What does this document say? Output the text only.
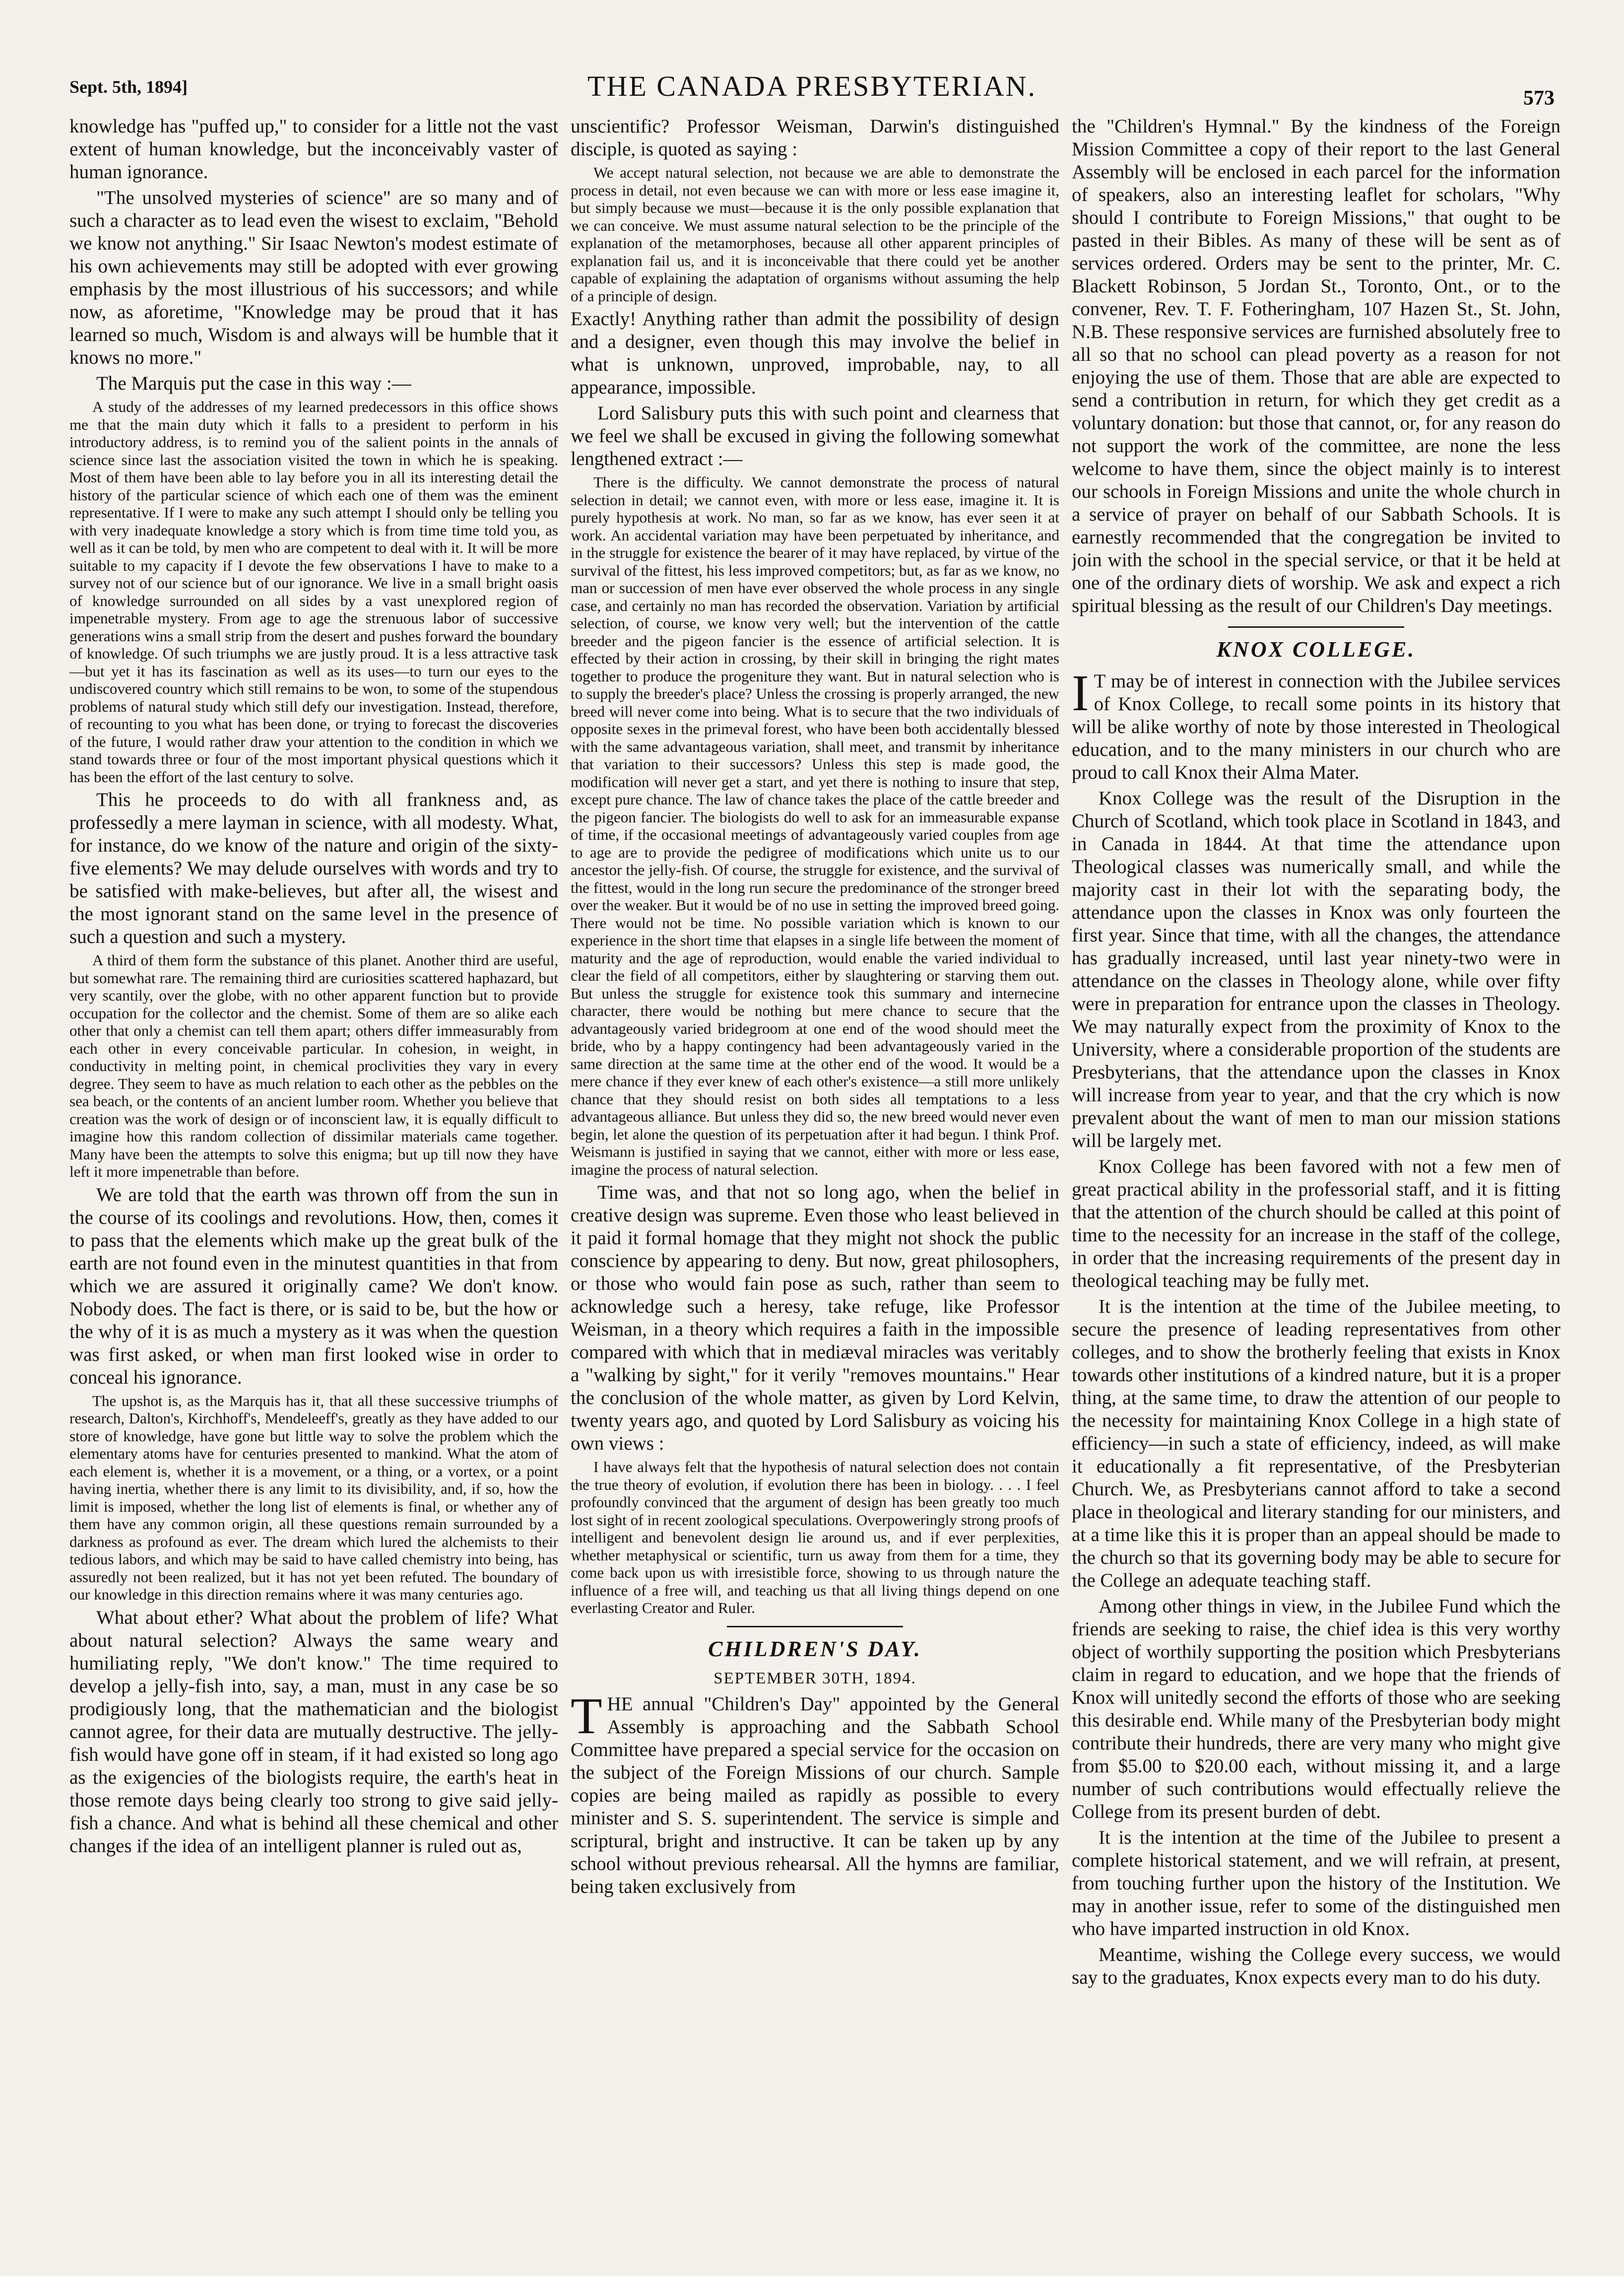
Sept. 5th, 1894]	THE CANADA PRESBYTERIAN.	573

knowledge has "puffed up," to consider for a little not the vast extent of human knowledge, but the inconceivably vaster of human ignorance.

"The unsolved mysteries of science" are so many and of such a character as to lead even the wisest to exclaim, "Behold we know not anything." Sir Isaac Newton's modest estimate of his own achievements may still be adopted with ever growing emphasis by the most illustrious of his successors; and while now, as aforetime, "Knowledge may be proud that it has learned so much, Wisdom is and always will be humble that it knows no more."

The Marquis put the case in this way :—

A study of the addresses of my learned predecessors in this office shows me that the main duty which it falls to a president to perform in his introductory address, is to remind you of the salient points in the annals of science since last the association visited the town in which he is speaking. Most of them have been able to lay before you in all its interesting detail the history of the particular science of which each one of them was the eminent representative. If I were to make any such attempt I should only be telling you with very inadequate knowledge a story which is from time time told you, as well as it can be told, by men who are competent to deal with it. It will be more suitable to my capacity if I devote the few observations I have to make to a survey not of our science but of our ignorance. We live in a small bright oasis of knowledge surrounded on all sides by a vast unexplored region of impenetrable mystery. From age to age the strenuous labor of successive generations wins a small strip from the desert and pushes forward the boundary of knowledge. Of such triumphs we are justly proud. It is a less attractive task—but yet it has its fascination as well as its uses—to turn our eyes to the undiscovered country which still remains to be won, to some of the stupendous problems of natural study which still defy our investigation. Instead, therefore, of recounting to you what has been done, or trying to forecast the discoveries of the future, I would rather draw your attention to the condition in which we stand towards three or four of the most important physical questions which it has been the effort of the last century to solve.

This he proceeds to do with all frankness and, as professedly a mere layman in science, with all modesty. What, for instance, do we know of the nature and origin of the sixty-five elements? We may delude ourselves with words and try to be satisfied with make-believes, but after all, the wisest and the most ignorant stand on the same level in the presence of such a question and such a mystery.

A third of them form the substance of this planet. Another third are useful, but somewhat rare. The remaining third are curiosities scattered haphazard, but very scantily, over the globe, with no other apparent function but to provide occupation for the collector and the chemist. Some of them are so alike each other that only a chemist can tell them apart; others differ immeasurably from each other in every conceivable particular. In cohesion, in weight, in conductivity in melting point, in chemical proclivities they vary in every degree. They seem to have as much relation to each other as the pebbles on the sea beach, or the contents of an ancient lumber room. Whether you believe that creation was the work of design or of inconscient law, it is equally difficult to imagine how this random collection of dissimilar materials came together. Many have been the attempts to solve this enigma; but up till now they have left it more impenetrable than before.

We are told that the earth was thrown off from the sun in the course of its coolings and revolutions. How, then, comes it to pass that the elements which make up the great bulk of the earth are not found even in the minutest quantities in that from which we are assured it originally came? We don't know. Nobody does. The fact is there, or is said to be, but the how or the why of it is as much a mystery as it was when the question was first asked, or when man first looked wise in order to conceal his ignorance.

The upshot is, as the Marquis has it, that all these successive triumphs of research, Dalton's, Kirchhoff's, Mendeleeff's, greatly as they have added to our store of knowledge, have gone but little way to solve the problem which the elementary atoms have for centuries presented to mankind. What the atom of each element is, whether it is a movement, or a thing, or a vortex, or a point having inertia, whether there is any limit to its divisibility, and, if so, how the limit is imposed, whether the long list of elements is final, or whether any of them have any common origin, all these questions remain surrounded by a darkness as profound as ever. The dream which lured the alchemists to their tedious labors, and which may be said to have called chemistry into being, has assuredly not been realized, but it has not yet been refuted. The boundary of our knowledge in this direction remains where it was many centuries ago.

What about ether? What about the problem of life? What about natural selection? Always the same weary and humiliating reply, "We don't know." The time required to develop a jelly-fish into, say, a man, must in any case be so prodigiously long, that the mathematician and the biologist cannot agree, for their data are mutually destructive. The jelly-fish would have gone off in steam, if it had existed so long ago as the exigencies of the biologists require, the earth's heat in those remote days being clearly too strong to give said jelly-fish a chance. And what is behind all these chemical and other changes if the idea of an intelligent planner is ruled out as,

unscientific? Professor Weisman, Darwin's distinguished disciple, is quoted as saying :

We accept natural selection, not because we are able to demonstrate the process in detail, not even because we can with more or less ease imagine it, but simply because we must—because it is the only possible explanation that we can conceive. We must assume natural selection to be the principle of the explanation of the metamorphoses, because all other apparent principles of explanation fail us, and it is inconceivable that there could yet be another capable of explaining the adaptation of organisms without assuming the help of a principle of design.

Exactly! Anything rather than admit the possibility of design and a designer, even though this may involve the belief in what is unknown, unproved, improbable, nay, to all appearance, impossible.

Lord Salisbury puts this with such point and clearness that we feel we shall be excused in giving the following somewhat lengthened extract :—

There is the difficulty. We cannot demonstrate the process of natural selection in detail; we cannot even, with more or less ease, imagine it. It is purely hypothesis at work. No man, so far as we know, has ever seen it at work. An accidental variation may have been perpetuated by inheritance, and in the struggle for existence the bearer of it may have replaced, by virtue of the survival of the fittest, his less improved competitors; but, as far as we know, no man or succession of men have ever observed the whole process in any single case, and certainly no man has recorded the observation. Variation by artificial selection, of course, we know very well; but the intervention of the cattle breeder and the pigeon fancier is the essence of artificial selection. It is effected by their action in crossing, by their skill in bringing the right mates together to produce the progeniture they want. But in natural selection who is to supply the breeder's place? Unless the crossing is properly arranged, the new breed will never come into being. What is to secure that the two individuals of opposite sexes in the primeval forest, who have been both accidentally blessed with the same advantageous variation, shall meet, and transmit by inheritance that variation to their successors? Unless this step is made good, the modification will never get a start, and yet there is nothing to insure that step, except pure chance. The law of chance takes the place of the cattle breeder and the pigeon fancier. The biologists do well to ask for an immeasurable expanse of time, if the occasional meetings of advantageously varied couples from age to age are to provide the pedigree of modifications which unite us to our ancestor the jelly-fish. Of course, the struggle for existence, and the survival of the fittest, would in the long run secure the predominance of the stronger breed over the weaker. But it would be of no use in setting the improved breed going. There would not be time. No possible variation which is known to our experience in the short time that elapses in a single life between the moment of maturity and the age of reproduction, would enable the varied individual to clear the field of all competitors, either by slaughtering or starving them out. But unless the struggle for existence took this summary and internecine character, there would be nothing but mere chance to secure that the advantageously varied bridegroom at one end of the wood should meet the bride, who by a happy contingency had been advantageously varied in the same direction at the same time at the other end of the wood. It would be a mere chance if they ever knew of each other's existence—a still more unlikely chance that they should resist on both sides all temptations to a less advantageous alliance. But unless they did so, the new breed would never even begin, let alone the question of its perpetuation after it had begun. I think Prof. Weismann is justified in saying that we cannot, either with more or less ease, imagine the process of natural selection.

Time was, and that not so long ago, when the belief in creative design was supreme. Even those who least believed in it paid it formal homage that they might not shock the public conscience by appearing to deny. But now, great philosophers, or those who would fain pose as such, rather than seem to acknowledge such a heresy, take refuge, like Professor Weisman, in a theory which requires a faith in the impossible compared with which that in mediæval miracles was veritably a "walking by sight," for it verily "removes mountains." Hear the conclusion of the whole matter, as given by Lord Kelvin, twenty years ago, and quoted by Lord Salisbury as voicing his own views :

I have always felt that the hypothesis of natural selection does not contain the true theory of evolution, if evolution there has been in biology. . . . I feel profoundly convinced that the argument of design has been greatly too much lost sight of in recent zoological speculations. Overpoweringly strong proofs of intelligent and benevolent design lie around us, and if ever perplexities, whether metaphysical or scientific, turn us away from them for a time, they come back upon us with irresistible force, showing to us through nature the influence of a free will, and teaching us that all living things depend on one everlasting Creator and Ruler.

CHILDREN'S DAY.
SEPTEMBER 30TH, 1894.

THE annual "Children's Day" appointed by the General Assembly is approaching and the Sabbath School Committee have prepared a special service for the occasion on the subject of the Foreign Missions of our church. Sample copies are being mailed as rapidly as possible to every minister and S. S. superintendent. The service is simple and scriptural, bright and instructive. It can be taken up by any school without previous rehearsal. All the hymns are familiar, being taken exclusively from

the "Children's Hymnal." By the kindness of the Foreign Mission Committee a copy of their report to the last General Assembly will be enclosed in each parcel for the information of speakers, also an interesting leaflet for scholars, "Why should I contribute to Foreign Missions," that ought to be pasted in their Bibles. As many of these will be sent as of services ordered. Orders may be sent to the printer, Mr. C. Blackett Robinson, 5 Jordan St., Toronto, Ont., or to the convener, Rev. T. F. Fotheringham, 107 Hazen St., St. John, N.B. These responsive services are furnished absolutely free to all so that no school can plead poverty as a reason for not enjoying the use of them. Those that are able are expected to send a contribution in return, for which they get credit as a voluntary donation: but those that cannot, or, for any reason do not support the work of the committee, are none the less welcome to have them, since the object mainly is to interest our schools in Foreign Missions and unite the whole church in a service of prayer on behalf of our Sabbath Schools. It is earnestly recommended that the congregation be invited to join with the school in the special service, or that it be held at one of the ordinary diets of worship. We ask and expect a rich spiritual blessing as the result of our Children's Day meetings.

KNOX COLLEGE.

I T may be of interest in connection with the Jubilee services of Knox College, to recall some points in its history that will be alike worthy of note by those interested in Theological education, and to the many ministers in our church who are proud to call Knox their Alma Mater.

Knox College was the result of the Disruption in the Church of Scotland, which took place in Scotland in 1843, and in Canada in 1844. At that time the attendance upon Theological classes was numerically small, and while the majority cast in their lot with the separating body, the attendance upon the classes in Knox was only fourteen the first year. Since that time, with all the changes, the attendance has gradually increased, until last year ninety-two were in attendance on the classes in Theology alone, while over fifty were in preparation for entrance upon the classes in Theology. We may naturally expect from the proximity of Knox to the University, where a considerable proportion of the students are Presbyterians, that the attendance upon the classes in Knox will increase from year to year, and that the cry which is now prevalent about the want of men to man our mission stations will be largely met.

Knox College has been favored with not a few men of great practical ability in the professorial staff, and it is fitting that the attention of the church should be called at this point of time to the necessity for an increase in the staff of the college, in order that the increasing requirements of the present day in theological teaching may be fully met.

It is the intention at the time of the Jubilee meeting, to secure the presence of leading representatives from other colleges, and to show the brotherly feeling that exists in Knox towards other institutions of a kindred nature, but it is a proper thing, at the same time, to draw the attention of our people to the necessity for maintaining Knox College in a high state of efficiency—in such a state of efficiency, indeed, as will make it educationally a fit representative, of the Presbyterian Church. We, as Presbyterians cannot afford to take a second place in theological and literary standing for our ministers, and at a time like this it is proper than an appeal should be made to the church so that its governing body may be able to secure for the College an adequate teaching staff.

Among other things in view, in the Jubilee Fund which the friends are seeking to raise, the chief idea is this very worthy object of worthily supporting the position which Presbyterians claim in regard to education, and we hope that the friends of Knox will unitedly second the efforts of those who are seeking this desirable end. While many of the Presbyterian body might contribute their hundreds, there are very many who might give from $5.00 to $20.00 each, without missing it, and a large number of such contributions would effectually relieve the College from its present burden of debt.

It is the intention at the time of the Jubilee to present a complete historical statement, and we will refrain, at present, from touching further upon the history of the Institution. We may in another issue, refer to some of the distinguished men who have imparted instruction in old Knox.

Meantime, wishing the College every success, we would say to the graduates, Knox expects every man to do his duty.
